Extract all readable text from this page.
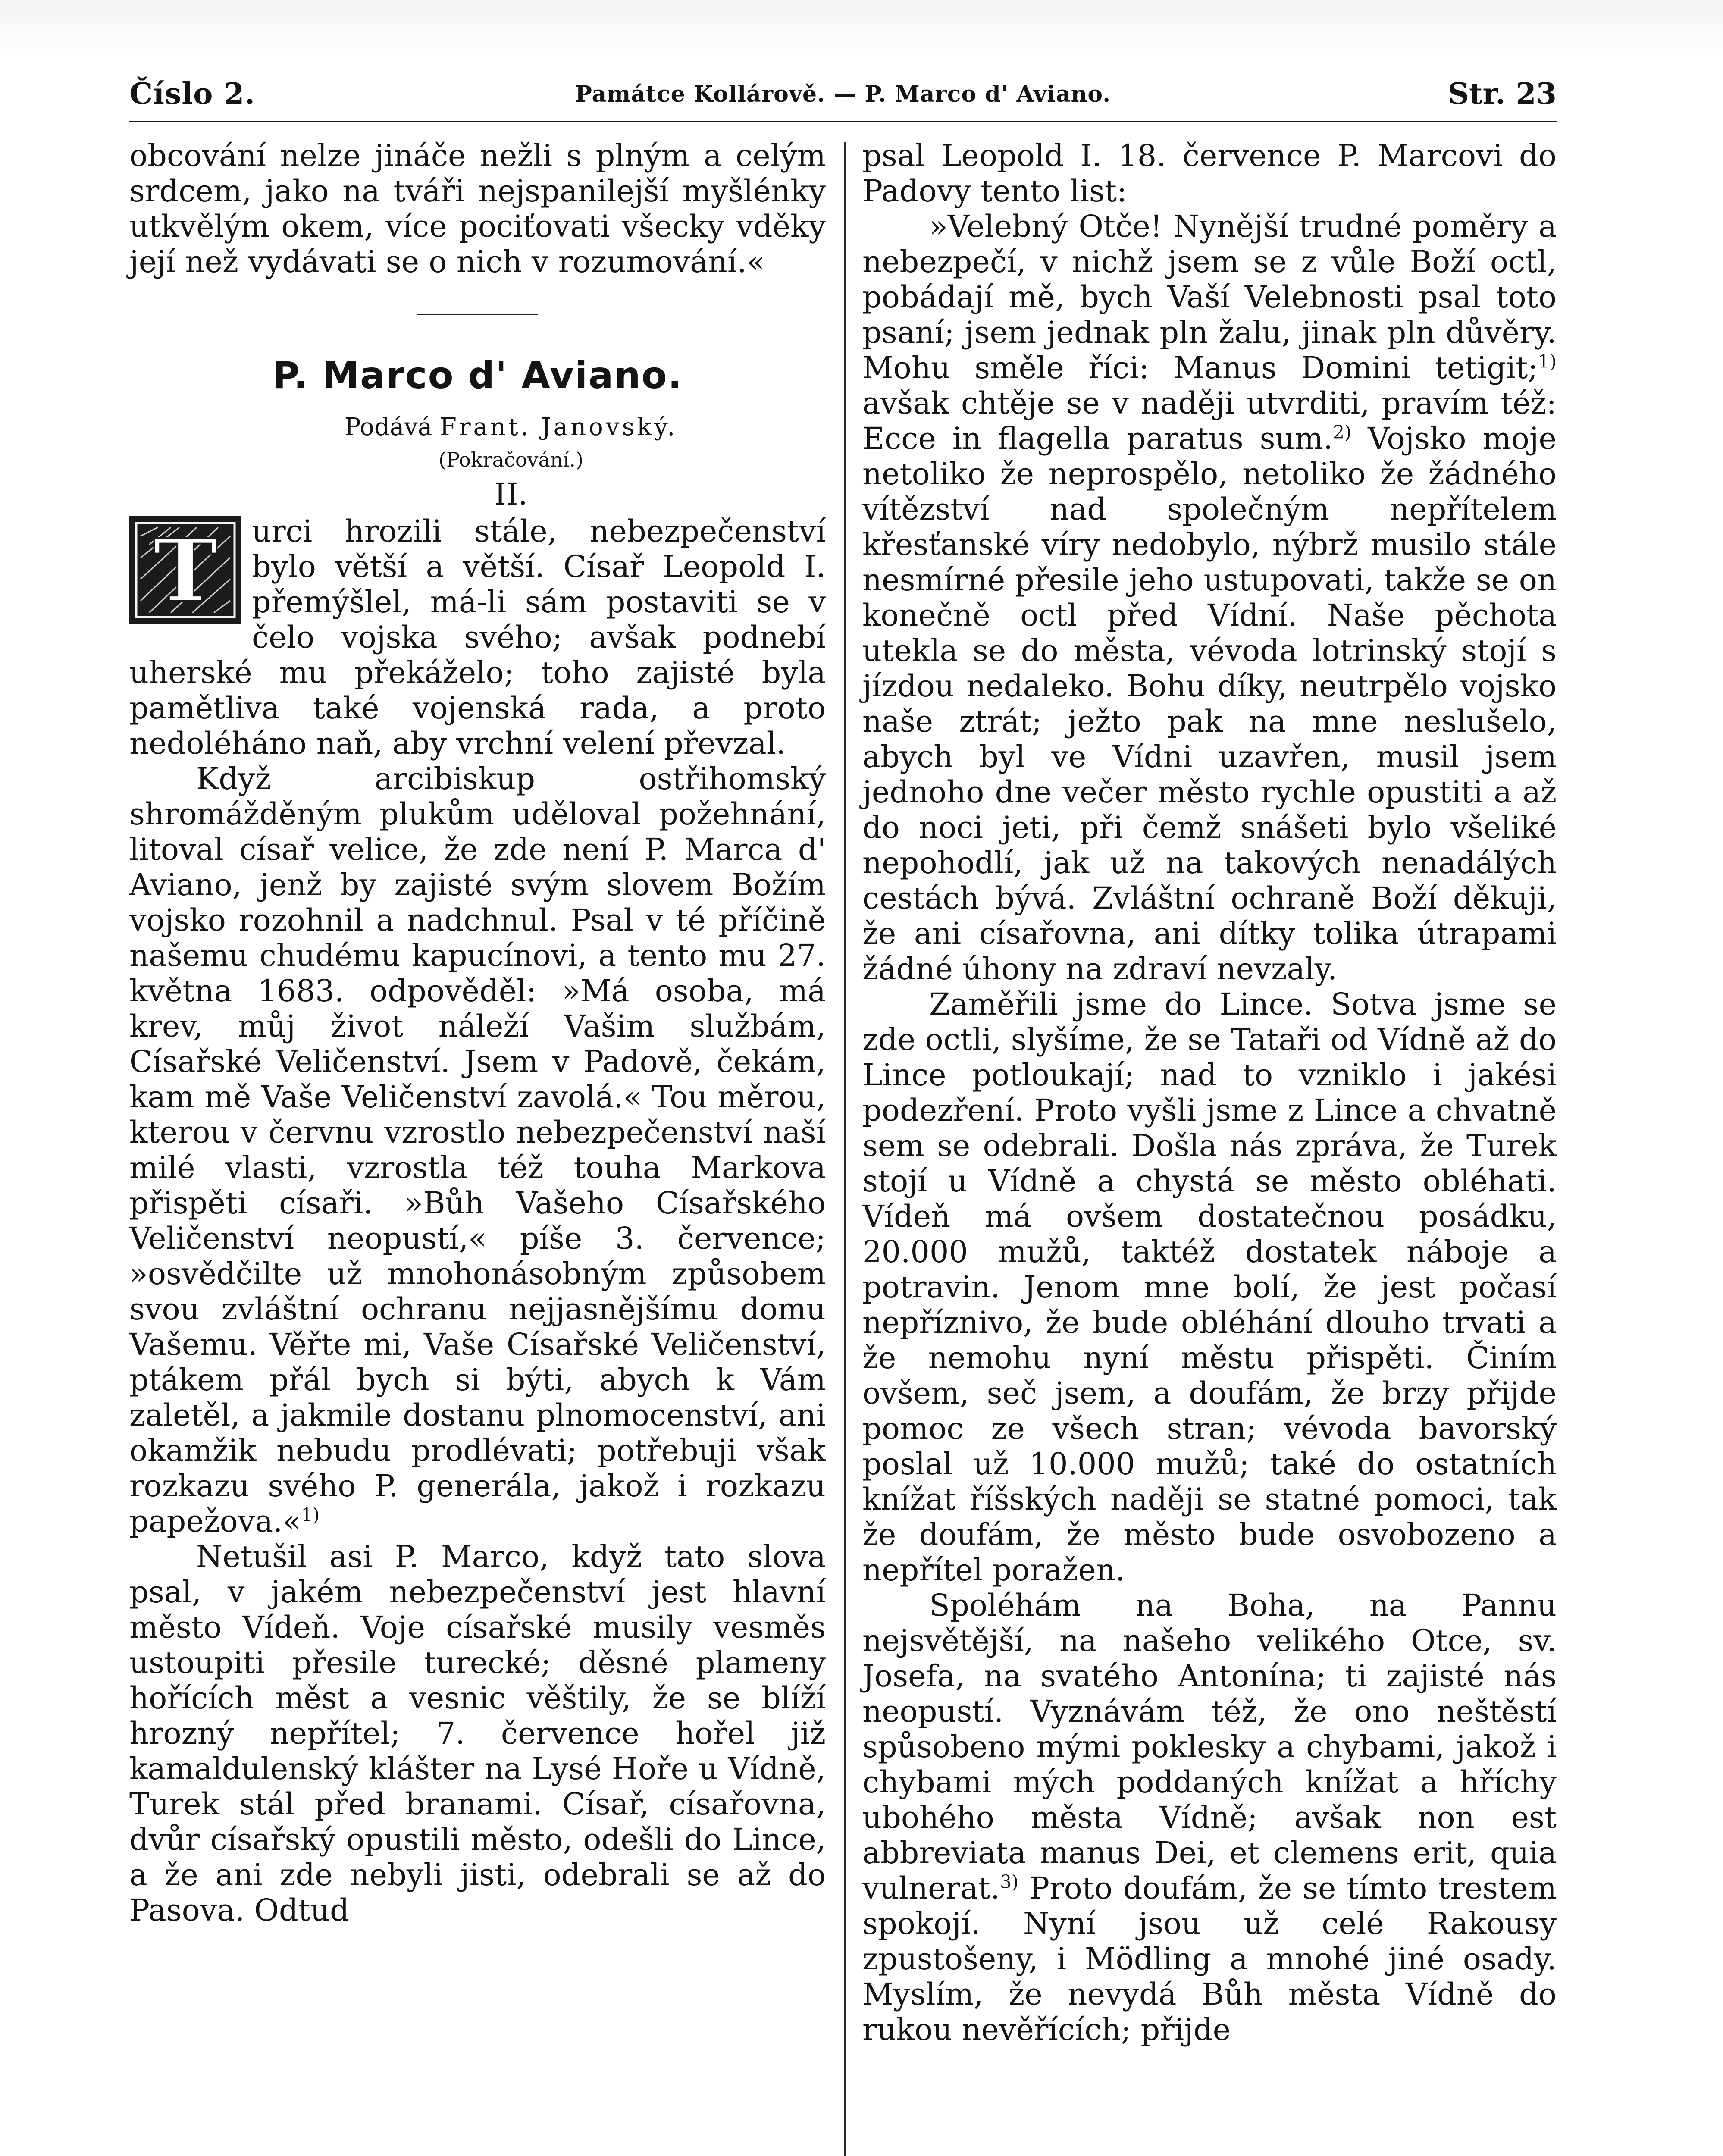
Číslo 2.	Památce Kollárově. — P. Marco d' Aviano.	Str. 23

obcování nelze jináče nežli s plným a celým srdcem, jako na tváři nejspanilejší myšlénky utkvělým okem, více pociťovati všecky vděky její než vydávati se o nich v rozumování.«

P. Marco d' Aviano.

Podává Frant. Janovský.

(Pokračování.)

II.

T	urci hrozili stále, nebezpečenství bylo větší a větší. Císař Leopold I. přemýšlel, má-li sám postaviti se v čelo vojska svého; avšak podnebí uherské mu překáželo; toho zajisté byla pamětliva také vojenská rada, a proto nedoléháno naň, aby vrchní velení převzal.

Když arcibiskup ostřihomský shromážděným plukům uděloval požehnání, litoval císař velice, že zde není P. Marca d' Aviano, jenž by zajisté svým slovem Božím vojsko rozohnil a nadchnul. Psal v té příčině našemu chudému kapucínovi, a tento mu 27. května 1683. odpověděl: »Má osoba, má krev, můj život náleží Vašim službám, Císařské Veličenství. Jsem v Padově, čekám, kam mě Vaše Veličenství zavolá.« Tou měrou, kterou v červnu vzrostlo nebezpečenství naší milé vlasti, vzrostla též touha Markova přispěti císaři. »Bůh Vašeho Císařského Veličenství neopustí,« píše 3. července; »osvědčilte už mnohonásobným způsobem svou zvláštní ochranu nejjasnějšímu domu Vašemu. Věřte mi, Vaše Císařské Veličenství, ptákem přál bych si býti, abych k Vám zaletěl, a jakmile dostanu plnomocenství, ani okamžik nebudu prodlévati; potřebuji však rozkazu svého P. generála, jakož i rozkazu papežova.«$^{1)}$

Netušil asi P. Marco, když tato slova psal, v jakém nebezpečenství jest hlavní město Vídeň. Voje císařské musily vesměs ustoupiti přesile turecké; děsné plameny hořících měst a vesnic věštily, že se blíží hrozný nepřítel; 7. července hořel již kamaldulenský klášter na Lysé Hoře u Vídně, Turek stál před branami. Císař, císařovna, dvůr císařský opustili město, odešli do Lince, a že ani zde nebyli jisti, odebrali se až do Pasova. Odtud

psal Leopold I. 18. července P. Marcovi do Padovy tento list:

»Velebný Otče! Nynější trudné poměry a nebezpečí, v nichž jsem se z vůle Boží octl, pobádají mě, bych Vaší Velebnosti psal toto psaní; jsem jednak pln žalu, jinak pln důvěry. Mohu směle říci: Manus Domini tetigit;$^{1)}$ avšak chtěje se v naději utvrditi, pravím též: Ecce in flagella paratus sum.$^{2)}$ Vojsko moje netoliko že neprospělo, netoliko že žádného vítězství nad společným nepřítelem křesťanské víry nedobylo, nýbrž musilo stále nesmírné přesile jeho ustupovati, takže se on konečně octl před Vídní. Naše pěchota utekla se do města, vévoda lotrinský stojí s jízdou nedaleko. Bohu díky, neutrpělo vojsko naše ztrát; ježto pak na mne neslušelo, abych byl ve Vídni uzavřen, musil jsem jednoho dne večer město rychle opustiti a až do noci jeti, při čemž snášeti bylo všeliké nepohodlí, jak už na takových nenadálých cestách bývá. Zvláštní ochraně Boží děkuji, že ani císařovna, ani dítky tolika útrapami žádné úhony na zdraví nevzaly.

Zaměřili jsme do Lince. Sotva jsme se zde octli, slyšíme, že se Tataři od Vídně až do Lince potloukají; nad to vzniklo i jakési podezření. Proto vyšli jsme z Lince a chvatně sem se odebrali. Došla nás zpráva, že Turek stojí u Vídně a chystá se město obléhati. Vídeň má ovšem dostatečnou posádku, 20.000 mužů, taktéž dostatek náboje a potravin. Jenom mne bolí, že jest počasí nepříznivo, že bude obléhání dlouho trvati a že nemohu nyní městu přispěti. Činím ovšem, seč jsem, a doufám, že brzy přijde pomoc ze všech stran; vévoda bavorský poslal už 10.000 mužů; také do ostatních knížat říšských naději se statné pomoci, tak že doufám, že město bude osvobozeno a nepřítel poražen.

Spoléhám na Boha, na Pannu nejsvětější, na našeho velikého Otce, sv. Josefa, na svatého Antonína; ti zajisté nás neopustí. Vyznávám též, že ono neštěstí spůsobeno mými poklesky a chybami, jakož i chybami mých poddaných knížat a hříchy ubohého města Vídně; avšak non est abbreviata manus Dei, et clemens erit, quia vulnerat.$^{3)}$ Proto doufám, že se tímto trestem spokojí. Nyní jsou už celé Rakousy zpustošeny, i Mödling a mnohé jiné osady. Myslím, že nevydá Bůh města Vídně do rukou nevěřících; přijde
